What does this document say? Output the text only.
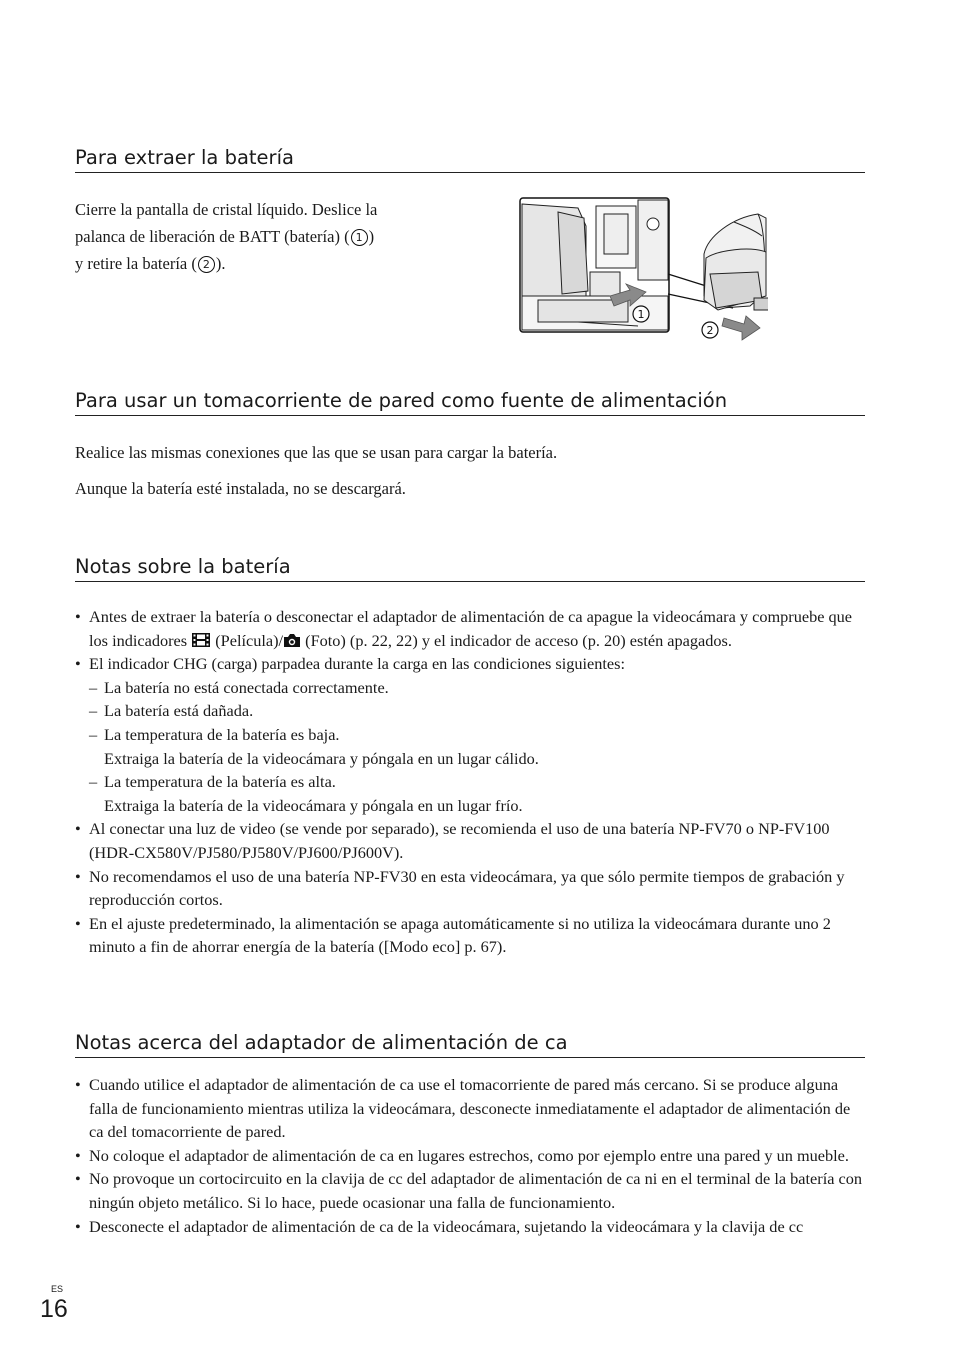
Para extraer la batería
Cierre la pantalla de cristal líquido. Deslice la
palanca de liberación de BATT (batería) ( 1 )
y retire la batería ( 2 ).
1
2
Para usar un tomacorriente de pared como fuente de alimentación

Realice las mismas conexiones que las que se usan para cargar la batería.

Aunque la batería esté instalada, no se descargará.

Notas sobre la batería
• Antes de extraer la batería o desconectar el adaptador de alimentación de ca apague la videocámara y compruebe que los indicadores  (Película)/ (Foto) (p. 22, 22) y el indicador de acceso (p. 20) estén apagados.
• El indicador CHG (carga) parpadea durante la carga en las condiciones siguientes:
– La batería no está conectada correctamente.
– La batería está dañada.
– La temperatura de la batería es baja.
Extraiga la batería de la videocámara y póngala en un lugar cálido.
– La temperatura de la batería es alta.
Extraiga la batería de la videocámara y póngala en un lugar frío.
• Al conectar una luz de video (se vende por separado), se recomienda el uso de una batería NP-FV70 o NP-FV100 (HDR-CX580V/PJ580/PJ580V/PJ600/PJ600V).
• No recomendamos el uso de una batería NP-FV30 en esta videocámara, ya que sólo permite tiempos de grabación y reproducción cortos.
• En el ajuste predeterminado, la alimentación se apaga automáticamente si no utiliza la videocámara durante uno 2 minuto a fin de ahorrar energía de la batería ([Modo eco] p. 67).
Notas acerca del adaptador de alimentación de ca
• Cuando utilice el adaptador de alimentación de ca use el tomacorriente de pared más cercano. Si se produce alguna falla de funcionamiento mientras utiliza la videocámara, desconecte inmediatamente el adaptador de alimentación de ca del tomacorriente de pared.
• No coloque el adaptador de alimentación de ca en lugares estrechos, como por ejemplo entre una pared y un mueble.
• No provoque un cortocircuito en la clavija de cc del adaptador de alimentación de ca ni en el terminal de la batería con ningún objeto metálico. Si lo hace, puede ocasionar una falla de funcionamiento.
• Desconecte el adaptador de alimentación de ca de la videocámara, sujetando la videocámara y la clavija de cc
ES
16
